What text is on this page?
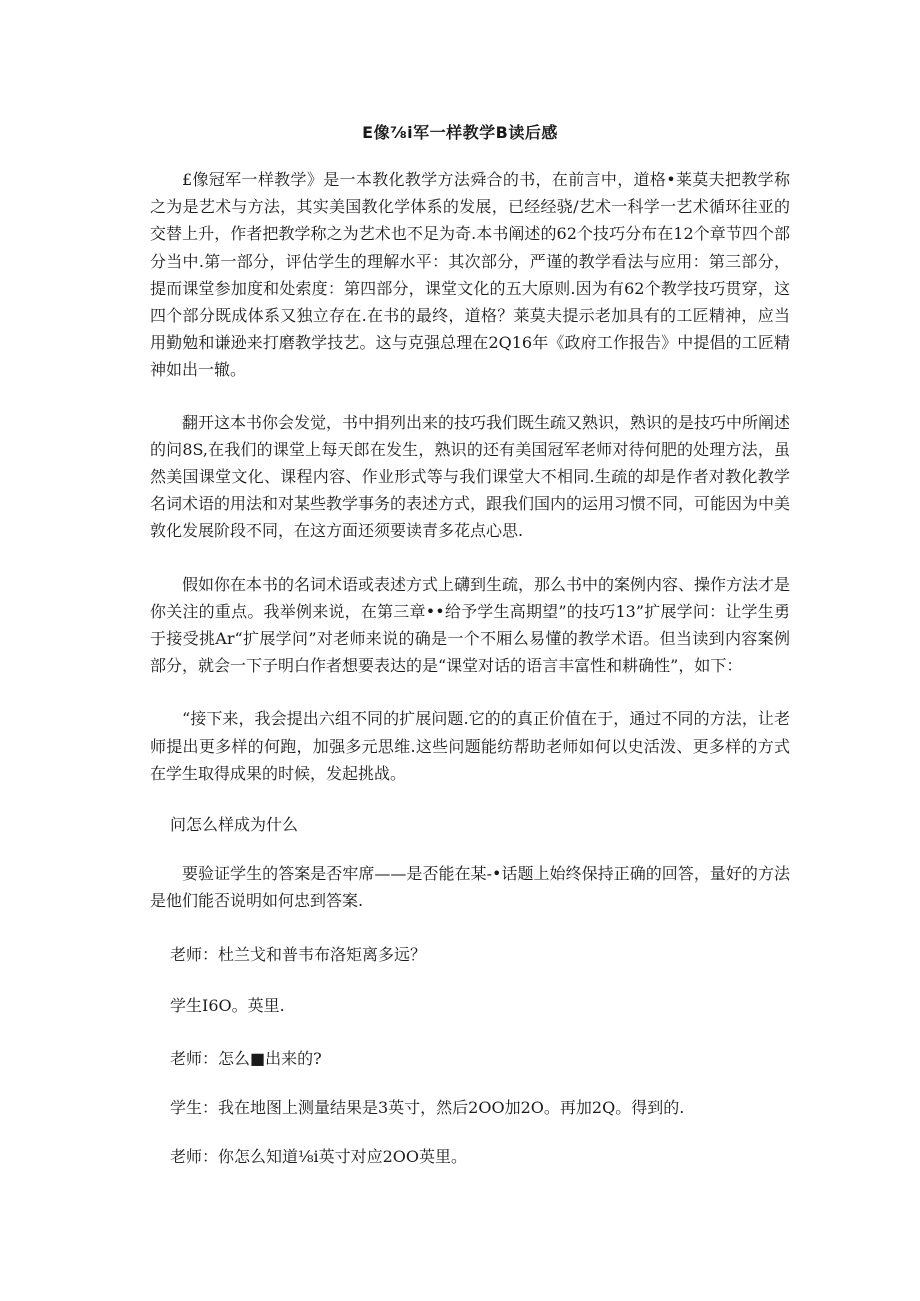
E像⅞i军一样教学B读后感

£像冠军一样教学》是一本教化教学方法舜合的书，在前言中，道格•莱莫夫把教学称之为是艺术与方法，其实美国教化学体系的发展，已经经骁/艺术一科学一艺术循环往亚的交替上升，作者把教学称之为艺术也不足为奇.本书阐述的62个技巧分布在12个章节四个部分当中.第一部分，评估学生的理解水平：其次部分，严谨的教学看法与应用：第三部分，提而课堂参加度和处索度：第四部分，课堂文化的五大原则.因为有62个教学技巧贯穿，这四个部分既成体系又独立存在.在书的最终，道格？莱莫夫提示老加具有的工匠精神，应当用勤勉和谦逊来打磨教学技艺。这与克强总理在2Q16年《政府工作报告》中提倡的工匠精神如出一辙。

翻开这本书你会发觉，书中捐列出来的技巧我们既生疏又熟识，熟识的是技巧中所阐述的问8S,在我们的课堂上每天郎在发生，熟识的还有美国冠军老师对待何肥的处理方法，虽然美国课堂文化、课程内容、作业形式等与我们课堂大不相同.生疏的却是作者对教化教学名词术语的用法和对某些教学事务的表述方式，跟我们国内的运用习惯不同，可能因为中美敦化发展阶段不同，在这方面还须要读青多花点心思.

假如你在本书的名词术语或表述方式上礴到生疏，那么书中的案例内容、操作方法才是你关注的重点。我举例来说，在第三章••给予学生高期望”的技巧13”扩展学问：让学生勇于接受挑Ar“扩展学问”对老师来说的确是一个不厢么易懂的教学术语。但当读到内容案例部分，就会一下子明白作者想要表达的是“课堂对话的语言丰富性和耕确性”，如下：

“接下来，我会提出六组不同的扩展问题.它的的真正价值在于，通过不同的方法，让老师提出更多样的何跑，加强多元思维.这些问题能纺帮助老师如何以史活泼、更多样的方式在学生取得成果的时候，发起挑战。

问怎么样成为什么

要验证学生的答案是否牢席——是否能在某-•话题上始终保持正确的回答，量好的方法是他们能否说明如何忠到答案.

老师：杜兰戈和普韦布洛矩离多远？

学生I6O。英里.

老师：怎么■出来的?

学生：我在地图上测量结果是3英寸，然后2OO加2O。再加2Q。得到的.

老师：你怎么知道⅛i英寸对应2OO英里。
